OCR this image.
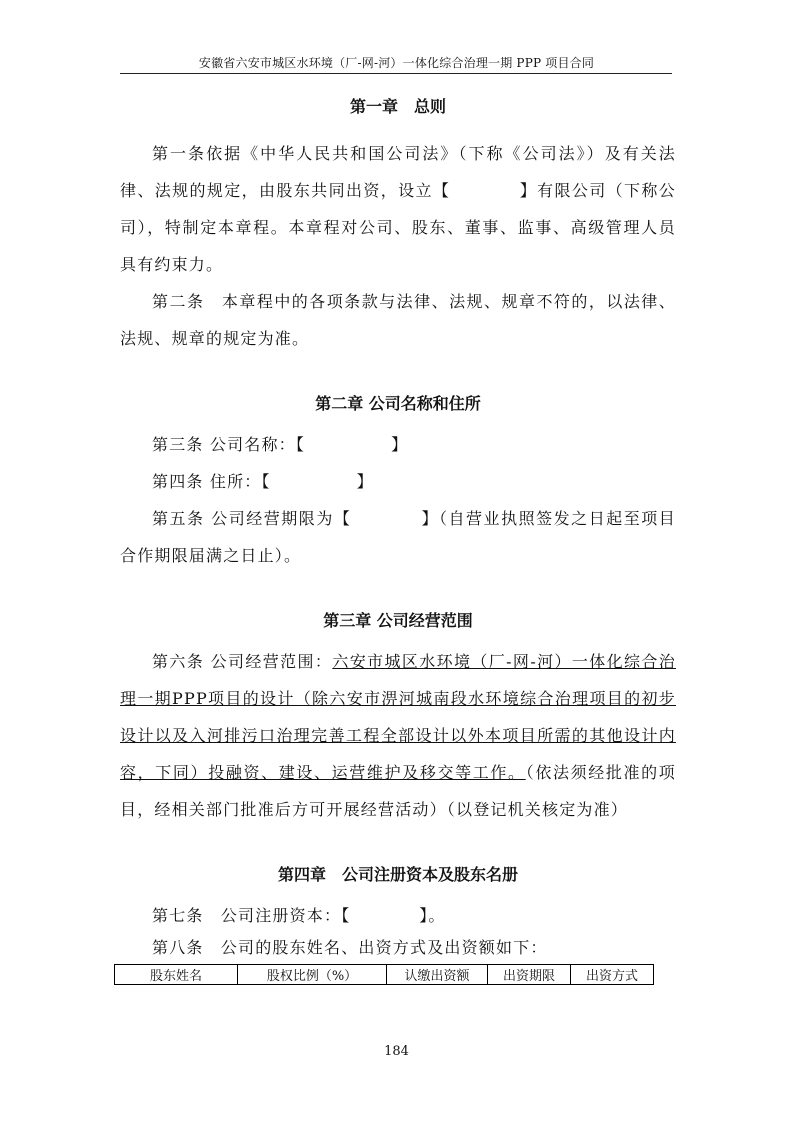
安徽省六安市城区水环境（厂-网-河）一体化综合治理一期 PPP 项目合同

第一章　总则

第一条依据《中华人民共和国公司法》（下称《公司法》）及有关法律、法规的规定，由股东共同出资，设立【　　　　】有限公司（下称公司），特制定本章程。本章程对公司、股东、董事、监事、高级管理人员具有约束力。

第二条　本章程中的各项条款与法律、法规、规章不符的，以法律、法规、规章的规定为准。

第二章 公司名称和住所

第三条 公司名称：【　　　　　】

第四条 住所：【　　　　　】

第五条 公司经营期限为【　　　　】（自营业执照签发之日起至项目合作期限届满之日止）。

第三章 公司经营范围

第六条 公司经营范围：六安市城区水环境（厂-网-河）一体化综合治理一期PPP项目的设计（除六安市淠河城南段水环境综合治理项目的初步设计以及入河排污口治理完善工程全部设计以外本项目所需的其他设计内容，下同）投融资、建设、运营维护及移交等工作。（依法须经批准的项目，经相关部门批准后方可开展经营活动）（以登记机关核定为准）

第四章　公司注册资本及股东名册

第七条　公司注册资本：【　　　　】。

第八条　公司的股东姓名、出资方式及出资额如下：

股东姓名	股权比例（%）	认缴出资额	出资期限	出资方式
184
